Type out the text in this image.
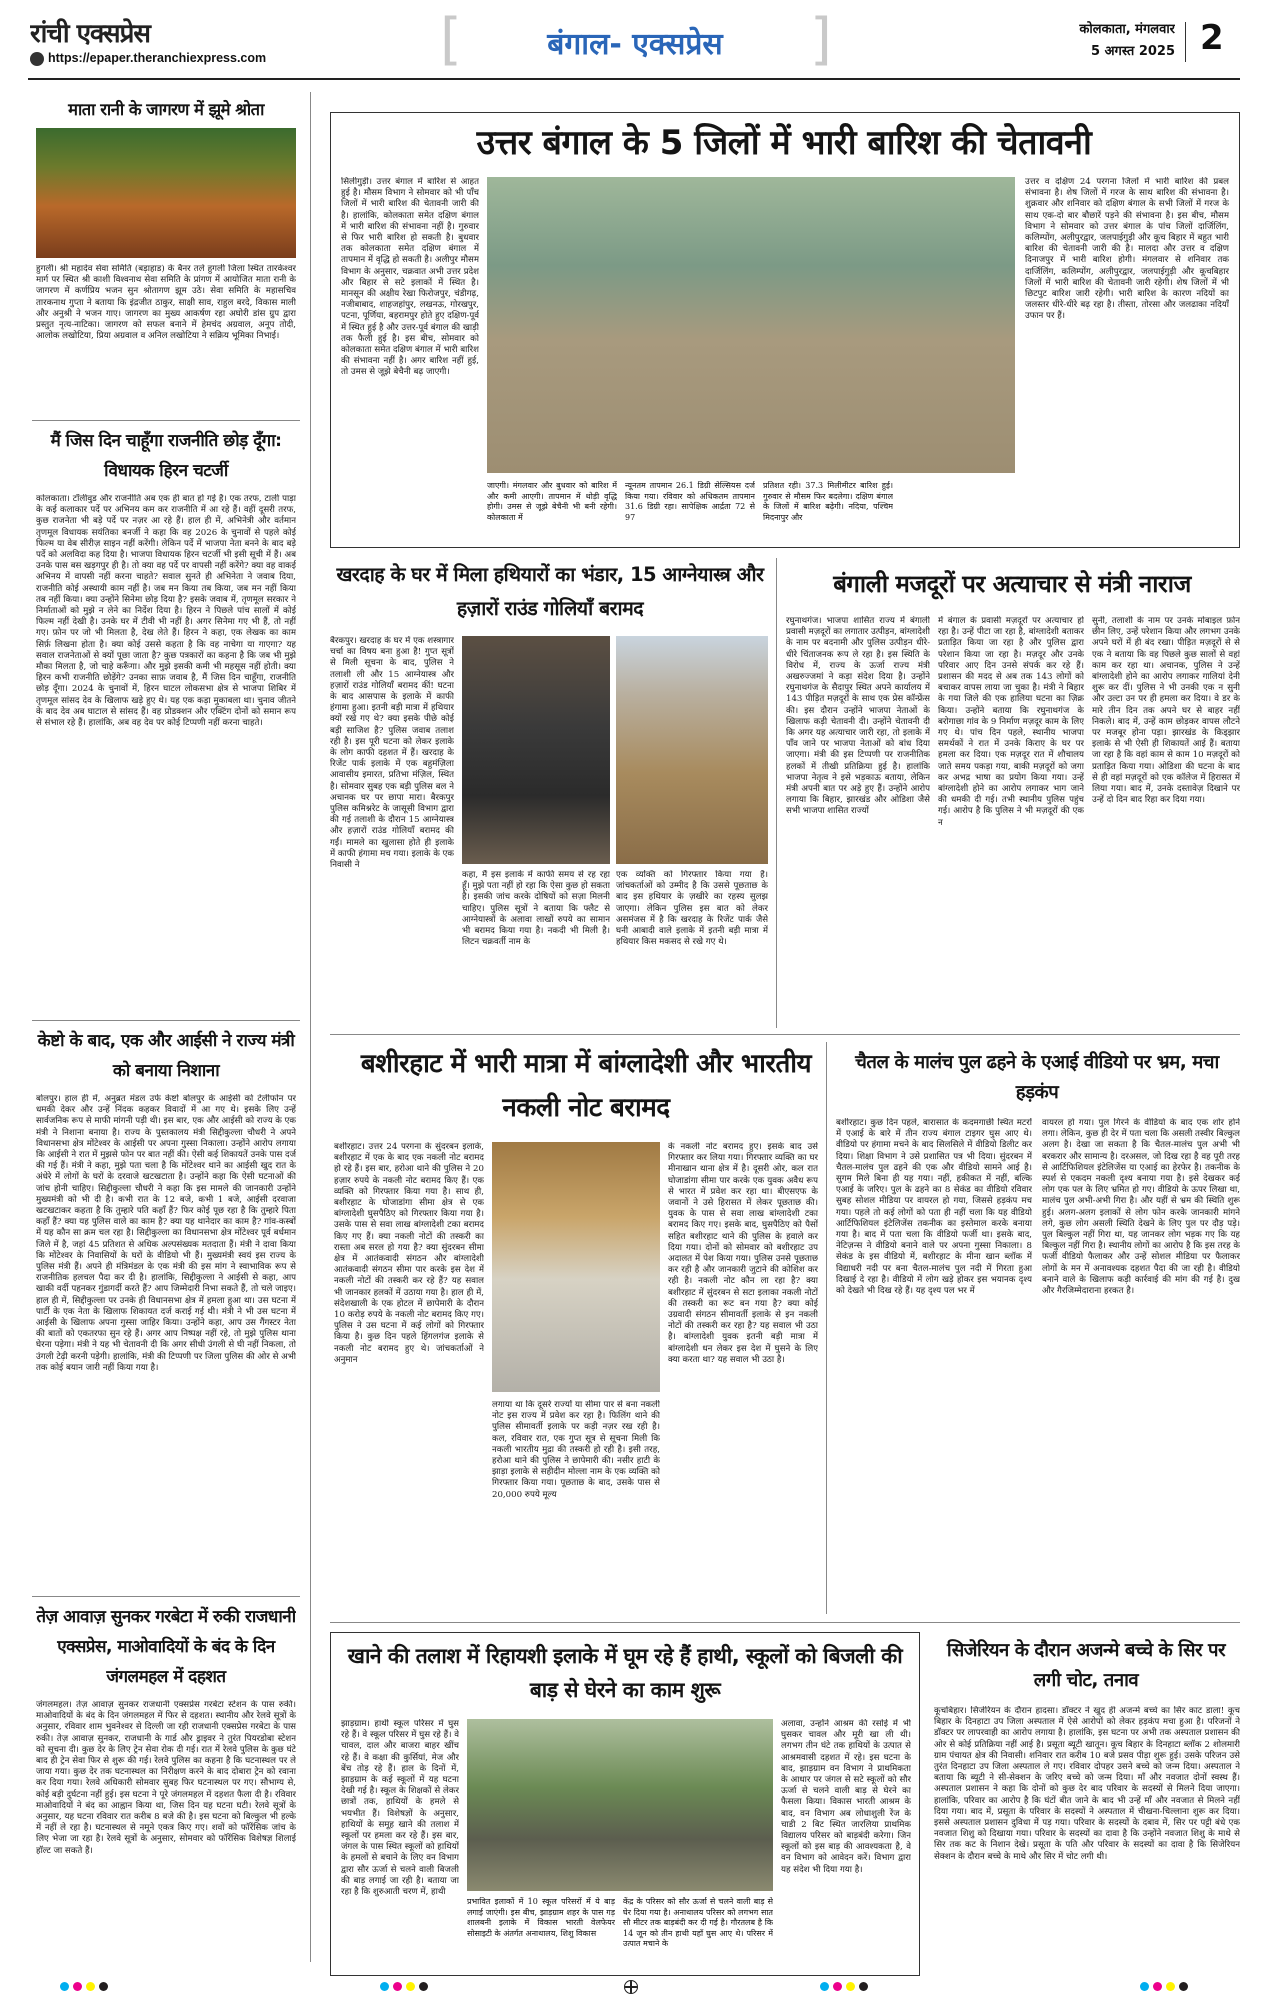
रांची एक्सप्रेस
https://epaper.theranchiexpress.com	[	बंगाल- एक्सप्रेस	]	कोलकाता, मंगलवार
5 अगस्त 2025 2
माता रानी के जागरण में झूमे श्रोता
हुगली। श्री महादेव सेवा समिति (बड़ाहाड) के बैनर तले हुगली जिला स्थित तारकेश्वर मार्ग पर स्थित श्री काशी विश्वनाथ सेवा समिति के प्रांगण में आयोजित माता रानी के जागरण में कर्णप्रिय भजन सुन श्रोतागण झूम उठे। सेवा समिति के महासचिव तारकनाथ गुप्ता ने बताया कि इंद्रजीत ठाकुर, साक्षी साव, राहुल बरदे, विकास माली और अनुश्री ने भजन गाए। जागरण का मुख्य आकर्षण रहा अघोरी डांस ग्रुप द्वारा प्रस्तुत नृत्य-नाटिका। जागरण को सफल बनाने में हेमचंद अग्रवाल, अनूप तोदी, आलोक लखोटिया, प्रिया अग्रवाल व अनिल लखोटिया ने सक्रिय भूमिका निभाई।
मैं जिस दिन चाहूँगा राजनीति छोड़ दूँगा: विधायक हिरन चटर्जी
कोलकाता। टॉलीवुड और राजनीति अब एक ही बात हो गई है। एक तरफ, टाली पाड़ा के कई कलाकार पर्दे पर अभिनय कम कर राजनीति में आ रहे हैं। वहीं दूसरी तरफ, कुछ राजनेता भी बड़े पर्दे पर नज़र आ रहे हैं। हाल ही में, अभिनेत्री और वर्तमान तृणमूल विधायक सयंतिका बनर्जी ने कहा कि वह 2026 के चुनावों से पहले कोई फिल्म या वेब सीरीज़ साइन नहीं करेंगी। लेकिन पर्दे में भाजपा नेता बनने के बाद बड़े पर्दे को अलविदा कह दिया है। भाजपा विधायक हिरन चटर्जी भी इसी सूची में हैं। अब उनके पास बस खड़गपुर ही है। तो क्या वह पर्दे पर वापसी नहीं करेंगे? क्या वह वाकई अभिनय में वापसी नहीं करना चाहते? सवाल सुनते ही अभिनेता ने जवाब दिया, राजनीति कोई अस्थायी काम नहीं है। जब मन किया तब किया, जब मन नहीं किया तब नहीं किया। क्या उन्होंने सिनेमा छोड़ दिया है? इसके जवाब में, तृणमूल सरकार ने निर्माताओं को मुझे न लेने का निर्देश दिया है। हिरन ने पिछले पांच सालों में कोई फिल्म नहीं देखी है। उनके घर में टीवी भी नहीं है। अगर सिनेमा गए भी हैं, तो नहीं गए। फ़ोन पर जो भी मिलता है, देख लेते हैं। हिरन ने कहा, एक लेखक का काम सिर्फ़ लिखना होता है। क्या कोई उससे कहता है कि वह नाचेगा या गाएगा? यह सवाल राजनेताओं से क्यों पूछा जाता है? कुछ पत्रकारों का कहना है कि जब भी मुझे मौका मिलता है, जो चाहे करूँगा। और मुझे इसकी कमी भी महसूस नहीं होती। क्या हिरन कभी राजनीति छोड़ेंगे? उनका साफ़ जवाब है, मैं जिस दिन चाहूँगा, राजनीति छोड़ दूँगा। 2024 के चुनावों में, हिरन घाटल लोकसभा क्षेत्र से भाजपा शिबिर में तृणमूल सांसद देव के खिलाफ खड़े हुए थे। यह एक कड़ा मुकाबला था। चुनाव जीतने के बाद देव अब घाटाल से सांसद हैं। वह प्रोडक्शन और एक्टिंग दोनों को समान रूप से संभाल रहे हैं। हालांकि, अब वह देव पर कोई टिप्पणी नहीं करना चाहते।
केष्टो के बाद, एक और आईसी ने राज्य मंत्री को बनाया निशाना
बोलपुर। हाल ही में, अनुब्रत मंडल उर्फ केष्टो बोलपुर के आईसी को टेलीफोन पर धमकी देकर और उन्हें निंदक कहकर विवादों में आ गए थे। इसके लिए उन्हें सार्वजनिक रूप से माफी मांगनी पड़ी थी। इस बार, एक और आईसी को राज्य के एक मंत्री ने निशाना बनाया है। राज्य के पुस्तकालय मंत्री सिद्दीकुल्ला चौधरी ने अपने विधानसभा क्षेत्र मोंटेश्वर के आईसी पर अपना गुस्सा निकाला। उन्होंने आरोप लगाया कि आईसी ने रात में मुझसे फोन पर बात नहीं की। ऐसी कई शिकायतें उनके पास दर्ज की गई हैं। मंत्री ने कहा, मुझे पता चला है कि मोंटेश्वर थाने का आईसी खुद रात के अंधेरे में लोगों के घरों के दरवाजे खटखटाता है। उन्होंने कहा कि ऐसी घटनाओं की जांच होनी चाहिए। सिद्दीकुल्ला चौधरी ने कहा कि इस मामले की जानकारी उन्होंने मुख्यमंत्री को भी दी है। कभी रात के 12 बजे, कभी 1 बजे, आईसी दरवाजा खटखटाकर कहता है कि तुम्हारे पति कहाँ हैं? फिर कोई पूछ रहा है कि तुम्हारे पिता कहाँ हैं? क्या यह पुलिस वाले का काम है? क्या यह थानेदार का काम है? गांव-कस्बों में यह कौन सा क्रम चल रहा है। सिद्दीकुल्ला का विधानसभा क्षेत्र मोंटेश्वर पूर्व बर्धमान जिले में है, जहां 45 प्रतिशत से अधिक अल्पसंख्यक मतदाता हैं। मंत्री ने दावा किया कि मोंटेश्वर के निवासियों के घरों के वीडियो भी हैं। मुख्यमंत्री स्वयं इस राज्य के पुलिस मंत्री हैं। अपने ही मंत्रिमंडल के एक मंत्री की इस मांग ने स्वाभाविक रूप से राजनीतिक हलचल पैदा कर दी है। हालांकि, सिद्दीकुल्ला ने आईसी से कहा, आप खाकी वर्दी पहनकर गुंडागर्दी करते हैं? आप जिम्मेदारी निभा सकते हैं, तो चले जाइए। हाल ही में, सिद्दीकुल्ला पर उनके ही विधानसभा क्षेत्र में हमला हुआ था। उस घटना में पार्टी के एक नेता के खिलाफ शिकायत दर्ज कराई गई थी। मंत्री ने भी उस घटना में आईसी के खिलाफ अपना गुस्सा जाहिर किया। उन्होंने कहा, आप उस गैंगस्टर नेता की बातों को एकतरफा सुन रहे हैं। अगर आप निष्पक्ष नहीं रहे, तो मुझे पुलिस थाना घेरना पड़ेगा। मंत्री ने यह भी चेतावनी दी कि अगर सीधी उंगली से घी नहीं निकला, तो उंगली टेढ़ी करनी पड़ेगी। हालांकि, मंत्री की टिप्पणी पर जिला पुलिस की ओर से अभी तक कोई बयान जारी नहीं किया गया है।
तेज़ आवाज़ सुनकर गरबेटा में रुकी राजधानी एक्सप्रेस, माओवादियों के बंद के दिन जंगलमहल में दहशत
जंगलमहल। तेज़ आवाज़ सुनकर राजधानी एक्सप्रेस गरबेटा स्टेशन के पास रुकी। माओवादियों के बंद के दिन जंगलमहल में फिर से दहशत। स्थानीय और रेलवे सूत्रों के अनुसार, रविवार शाम भुवनेश्वर से दिल्ली जा रही राजधानी एक्सप्रेस गरबेटा के पास रुकी। तेज़ आवाज़ सुनकर, राजधानी के गार्ड और ड्राइवर ने तुरंत पियरडोबा स्टेशन को सूचना दी। कुछ देर के लिए ट्रेन सेवा रोक दी गई। रात में रेलवे पुलिस के कुछ घंटे बाद ही ट्रेन सेवा फिर से शुरू की गई। रेलवे पुलिस का कहना है कि घटनास्थल पर ले जाया गया। कुछ देर तक घटनास्थल का निरीक्षण करने के बाद दोबारा ट्रेन को रवाना कर दिया गया। रेलवे अधिकारी सोमवार सुबह फिर घटनास्थल पर गए। सौभाग्य से, कोई बड़ी दुर्घटना नहीं हुई। इस घटना ने पूरे जंगलमहल में दहशत फैला दी है। रविवार माओवादियों ने बंद का आह्वान किया था, जिस दिन यह घटना घटी। रेलवे सूत्रों के अनुसार, यह घटना रविवार रात करीब 8 बजे की है। इस घटना को बिल्कुल भी हल्के में नहीं ले रहा है। घटनास्थल से नमूने एकत्र किए गए। शवों को फॉरेंसिक जांच के लिए भेजा जा रहा है। रेलवे सूत्रों के अनुसार, सोमवार को फॉरेंसिक विशेषज्ञ शिलाई हॉल्ट जा सकते हैं।
उत्तर बंगाल के 5 जिलों में भारी बारिश की चेतावनी
सिलीगुड़ी। उत्तर बंगाल में बारिश से आहत हुई है। मौसम विभाग ने सोमवार को भी पाँच जिलों में भारी बारिश की चेतावनी जारी की है। हालांकि, कोलकाता समेत दक्षिण बंगाल में भारी बारिश की संभावना नहीं है। गुरुवार से फिर भारी बारिश हो सकती है। बुधवार तक कोलकाता समेत दक्षिण बंगाल में तापमान में वृद्धि हो सकती है। अलीपुर मौसम विभाग के अनुसार, चक्रवात अभी उत्तर प्रदेश और बिहार से सटे इलाकों में स्थित है। मानसून की अक्षीय रेखा फिरोजपुर, चंडीगढ़, नजीबाबाद, शाहजहांपुर, लखनऊ, गोरखपुर, पटना, पूर्णिया, बहरामपुर होते हुए दक्षिण-पूर्व में स्थित हुई है और उत्तर-पूर्व बंगाल की खाड़ी तक फैली हुई है। इस बीच, सोमवार को कोलकाता समेत दक्षिण बंगाल में भारी बारिश की संभावना नहीं है। अगर बारिश नहीं हुई, तो उमस से जूझे बेचैनी बढ़ जाएगी।
जाएगी। मंगलवार और बुधवार को बारिश में और कमी आएगी। तापमान में थोड़ी वृद्धि होगी। उमस से जूझे बेचैनी भी बनी रहेगी। कोलकाता में
न्यूनतम तापमान 26.1 डिग्री सेल्सियस दर्ज किया गया। रविवार को अधिकतम तापमान 31.6 डिग्री रहा। सापेक्षिक आर्द्रता 72 से 97
प्रतिशत रही। 37.3 मिलीमीटर बारिश हुई। गुरुवार से मौसम फिर बदलेगा। दक्षिण बंगाल के जिलों में बारिश बढ़ेगी। नदिया, पश्चिम मिदनापुर और
उत्तर व दक्षिण 24 परगना जिलों में भारी बारिश की प्रबल संभावना है। शेष जिलों में गरज के साथ बारिश की संभावना है। शुक्रवार और शनिवार को दक्षिण बंगाल के सभी जिलों में गरज के साथ एक-दो बार बौछारें पड़ने की संभावना है। इस बीच, मौसम विभाग ने सोमवार को उत्तर बंगाल के पांच जिलों दार्जिलिंग, कलिम्पोंग, अलीपुरद्वार, जलपाईगुड़ी और कूच बिहार में बहुत भारी बारिश की चेतावनी जारी की है। मालदा और उत्तर व दक्षिण दिनाजपुर में भारी बारिश होगी। मंगलवार से शनिवार तक दार्जिलिंग, कलिम्पोंग, अलीपुरद्वार, जलपाईगुड़ी और कूचबिहार जिलों में भारी बारिश की चेतावनी जारी रहेगी। शेष जिलों में भी छिटपुट बारिश जारी रहेगी। भारी बारिश के कारण नदियों का जलस्तर धीरे-धीरे बढ़ रहा है। तीस्ता, तोरसा और जलढाका नदियाँ उफान पर हैं।
खरदाह के घर में मिला हथियारों का भंडार, 15 आग्नेयास्त्र और हज़ारों राउंड गोलियाँ बरामद
बैरकपुर। खरदाह के घर में एक शस्त्रागार चर्चा का विषय बना हुआ है! गुप्त सूत्रों से मिली सूचना के बाद, पुलिस ने तलाशी ली और 15 आग्नेयास्त्र और हज़ारों राउंड गोलियाँ बरामद कीं! घटना के बाद आसपास के इलाके में काफी हंगामा हुआ। इतनी बड़ी मात्रा में हथियार क्यों रखे गए थे? क्या इसके पीछे कोई बड़ी साजिश है? पुलिस जवाब तलाश रही है। इस पूरी घटना को लेकर इलाके के लोग काफी दहशत में हैं। खरदाह के रिजेंट पार्क इलाके में एक बहुमंज़िला आवासीय इमारत, प्रतिभा मंज़िल, स्थित है। सोमवार सुबह एक बड़ी पुलिस बल ने अचानक घर पर छापा मारा। बैरकपुर पुलिस कमिश्नरेट के जासूसी विभाग द्वारा की गई तलाशी के दौरान 15 आग्नेयास्त्र और हज़ारों राउंड गोलियाँ बरामद की गईं। मामले का खुलासा होते ही इलाके में काफी हंगामा मच गया। इलाके के एक निवासी ने
कहा, मैं इस इलाके में काफी समय से रह रहा हूँ। मुझे पता नहीं हो रहा कि ऐसा कुछ हो सकता है। इसकी जांच करके दोषियों को सज़ा मिलनी चाहिए। पुलिस सूत्रों ने बताया कि फ्लैट से आग्नेयास्त्रों के अलावा लाखों रुपये का सामान भी बरामद किया गया है। नकदी भी मिली है। लिटन चक्रवर्ती नाम के
एक व्यक्ति को गिरफ्तार किया गया है। जांचकर्ताओं को उम्मीद है कि उससे पूछताछ के बाद इस हथियार के ज़खीरे का रहस्य सुलझ जाएगा। लेकिन पुलिस इस बात को लेकर असमंजस में है कि खरदाह के रिजेंट पार्क जैसे घनी आबादी वाले इलाके में इतनी बड़ी मात्रा में हथियार किस मकसद से रखे गए थे।
बंगाली मजदूरों पर अत्याचार से मंत्री नाराज
रघुनाथगंज। भाजपा शासित राज्य में बंगाली प्रवासी मज़दूरों का लगातार उत्पीड़न, बांग्लादेशी के नाम पर बदनामी और पुलिस उत्पीड़न धीरे-धीरे चिंताजनक रूप ले रहा है। इस स्थिति के विरोध में, राज्य के ऊर्जा राज्य मंत्री अखरुज्जमां ने कड़ा संदेश दिया है। उन्होंने रघुनाथगंज के सैदापुर स्थित अपने कार्यालय में 143 पीड़ित मज़दूरों के साथ एक प्रेस कॉन्फ्रेंस की। इस दौरान उन्होंने भाजपा नेताओं के खिलाफ कड़ी चेतावनी दी। उन्होंने चेतावनी दी कि अगर यह अत्याचार जारी रहा, तो इलाके में पाँव जाने पर भाजपा नेताओं को बांध दिया जाएगा। मंत्री की इस टिप्पणी पर राजनीतिक हलकों में तीखी प्रतिक्रिया हुई है। हालांकि भाजपा नेतृत्व ने इसे भड़काऊ बताया, लेकिन मंत्री अपनी बात पर अड़े हुए हैं। उन्होंने आरोप लगाया कि बिहार, झारखंड और ओडिशा जैसे सभी भाजपा शासित राज्यों
में बंगाल के प्रवासी मज़दूरों पर अत्याचार हो रहा है। उन्हें पीटा जा रहा है, बांग्लादेशी बताकर प्रताड़ित किया जा रहा है और पुलिस द्वारा परेशान किया जा रहा है। मज़दूर और उनके परिवार आए दिन उनसे संपर्क कर रहे हैं। प्रशासन की मदद से अब तक 143 लोगों को बचाकर वापस लाया जा चुका है। मंत्री ने बिहार के गया जिले की एक हालिया घटना का ज़िक्र किया। उन्होंने बताया कि रघुनाथगंज के बरोगाछा गांव के 9 निर्माण मज़दूर काम के लिए गए थे। पांच दिन पहले, स्थानीय भाजपा समर्थकों ने रात में उनके किराए के घर पर हमला कर दिया। एक मज़दूर रात में शौचालय जाते समय पकड़ा गया, बाकी मज़दूरों को जगा कर अभद्र भाषा का प्रयोग किया गया। उन्हें बांग्लादेशी होने का आरोप लगाकर भाग जाने की धमकी दी गई। तभी स्थानीय पुलिस पहुंच गई। आरोप है कि पुलिस ने भी मज़दूरों की एक न
सुनी, तलाशी के नाम पर उनके मोबाइल फ़ोन छीन लिए, उन्हें परेशान किया और लगभग उनके अपने घरों में ही बंद रखा। पीड़ित मज़दूरों से से एक ने बताया कि वह पिछले कुछ सालों से वहां काम कर रहा था। अचानक, पुलिस ने उन्हें बांग्लादेशी होने का आरोप लगाकर गालियां देनी शुरू कर दीं। पुलिस ने भी उनकी एक न सुनी और उल्टा उन पर ही हमला कर दिया। वे डर के मारे तीन दिन तक अपने घर से बाहर नहीं निकले। बाद में, उन्हें काम छोड़कर वापस लौटने पर मजबूर होना पड़ा। झारखंड के किड्झार इलाके से भी ऐसी ही शिकायतें आई हैं। बताया जा रहा है कि वहां काम से काम 10 मज़दूरों को प्रताड़ित किया गया। ओडिशा की घटना के बाद से ही वहां मज़दूरों को एक कॉलेज में हिरासत में लिया गया। बाद में, उनके दस्तावेज़ दिखाने पर उन्हें दो दिन बाद रिहा कर दिया गया।
बशीरहाट में भारी मात्रा में बांग्लादेशी और भारतीय नकली नोट बरामद
बशीरहाट। उत्तर 24 परगना के सुंदरबन इलाके, बशीरहाट में एक के बाद एक नकली नोट बरामद हो रहे हैं। इस बार, हरोआ थाने की पुलिस ने 20 हज़ार रुपये के नकली नोट बरामद किए हैं। एक व्यक्ति को गिरफ्तार किया गया है। साथ ही, बशीरहाट के घोजाडांगा सीमा क्षेत्र से एक बांग्लादेशी घुसपैठिए को गिरफ्तार किया गया है। उसके पास से सवा लाख बांग्लादेशी टका बरामद किए गए हैं। क्या नकली नोटों की तस्करी का रास्ता अब सरल हो गया है? क्या सुंदरबन सीमा क्षेत्र में आतंकवादी संगठन और बांग्लादेशी आतंकवादी संगठन सीमा पार करके इस देश में नकली नोटों की तस्करी कर रहे हैं? यह सवाल भी जानकार हलकों में उठाया गया है। हाल ही में, संदेशखाली के एक होटल में छापेमारी के दौरान 10 करोड़ रुपये के नकली नोट बरामद किए गए। पुलिस ने उस घटना में कई लोगों को गिरफ्तार किया है। कुछ दिन पहले हिंगलगंज इलाके से नकली नोट बरामद हुए थे। जांचकर्ताओं ने अनुमान
लगाया था कि दूसरे राज्यों या सीमा पार से बना नकली नोट इस राज्य में प्रवेश कर रहा है। फिलिंग थाने की पुलिस सीमावर्ती इलाके पर कड़ी नज़र रख रही है। कल, रविवार रात, एक गुप्त सूत्र से सूचना मिली कि नकली भारतीय मुद्रा की तस्करी हो रही है। इसी तरह, हरोआ थाने की पुलिस ने छापेमारी की। नसीर हाटी के झाड़ा इलाके से सहीदीन मोल्ला नाम के एक व्यक्ति को गिरफ्तार किया गया। पूछताछ के बाद, उसके पास से 20,000 रुपये मूल्य
के नकली नोट बरामद हुए। इसके बाद उसे गिरफ्तार कर लिया गया। गिरफ्तार व्यक्ति का घर मीनाखान थाना क्षेत्र में है। दूसरी ओर, कल रात घोजाडांगा सीमा पार करके एक युवक अवैध रूप से भारत में प्रवेश कर रहा था। बीएसएफ के जवानों ने उसे हिरासत में लेकर पूछताछ की। युवक के पास से सवा लाख बांग्लादेशी टका बरामद किए गए। इसके बाद, घुसपैठिए को पैसों सहित बशीरहाट थाने की पुलिस के हवाले कर दिया गया। दोनों को सोमवार को बशीरहाट उप अदालत में पेश किया गया। पुलिस उनसे पूछताछ कर रही है और जानकारी जुटाने की कोशिश कर रही है। नकली नोट कौन ला रहा है? क्या बशीरहाट में सुंदरबन से सटा इलाका नकली नोटों की तस्करी का रूट बन गया है? क्या कोई उग्रवादी संगठन सीमावर्ती इलाके से इन नकली नोटों की तस्करी कर रहा है? यह सवाल भी उठा है। बांग्लादेशी युवक इतनी बड़ी मात्रा में बांग्लादेशी धन लेकर इस देश में घुसने के लिए क्या करता था? यह सवाल भी उठा है।
चैतल के मालंच पुल ढहने के एआई वीडियो पर भ्रम, मचा हड़कंप
बशीरहाट। कुछ दिन पहले, बारासात के कदमगाछी स्थित मटरों में एआई के बारे में तीन राज्य बंगाल टाइगर घुस आए थे। वीडियो पर हंगामा मचने के बाद सिलसिले में वीडियो डिलीट कर दिया। शिक्षा विभाग ने उसे प्रशासित पत्र भी दिया। सुंदरबन में चैतल-मालंच पुल ढहने की एक और वीडियो सामने आई है। सुगम मिले बिना ही यह गया। नहीं, हकीकत में नहीं, बल्कि एआई के जरिए। पुल के ढहने का 8 सेकंड का वीडियो रविवार सुबह सोशल मीडिया पर वायरल हो गया, जिससे हड़कंप मच गया। पहले तो कई लोगों को पता ही नहीं चला कि यह वीडियो आर्टिफिशियल इंटेलिजेंस तकनीक का इस्तेमाल करके बनाया गया है। बाद में पता चला कि वीडियो फर्जी था। इसके बाद, नेटिज़न्स ने वीडियो बनाने वाले पर अपना गुस्सा निकाला। 8 सेकंड के इस वीडियो में, बशीरहाट के मीना खान ब्लॉक में विद्याधरी नदी पर बना चैतल-मालंच पुल नदी में गिरता हुआ दिखाई दे रहा है। वीडियो में लोग खड़े होकर इस भयानक दृश्य को देखते भी दिख रहे हैं। यह दृश्य पल भर में
वायरल हो गया। पुल गिरने के वीडियो के बाद एक शोर होने लगा। लेकिन, कुछ ही देर में पता चला कि असली तस्वीर बिल्कुल अलग है। देखा जा सकता है कि चैतल-मालंच पुल अभी भी बरकरार और सामान्य है। दरअसल, जो दिख रहा है वह पूरी तरह से आर्टिफिशियल इंटेलिजेंस या एआई का हेरफेर है। तकनीक के स्पर्श से एकदम नकली दृश्य बनाया गया है। इसे देखकर कई लोग एक पल के लिए भ्रमित हो गए। वीडियो के ऊपर लिखा था, मालंच पुल अभी-अभी गिरा है। और यहीं से भ्रम की स्थिति शुरू हुई। अलग-अलग इलाकों से लोग फोन करके जानकारी मांगने लगे, कुछ लोग असली स्थिति देखने के लिए पुल पर दौड़ पड़े। पुल बिल्कुल नहीं गिरा था, यह जानकर लोग भड़क गए कि यह बिल्कुल नहीं गिरा है। स्थानीय लोगों का आरोप है कि इस तरह के फर्जी वीडियो फैलाकर और उन्हें सोशल मीडिया पर फैलाकर लोगों के मन में अनावश्यक दहशत पैदा की जा रही है। वीडियो बनाने वाले के खिलाफ कड़ी कार्रवाई की मांग की गई है। दुख और गैरजिम्मेदाराना हरकत है।
खाने की तलाश में रिहायशी इलाके में घूम रहे हैं हाथी, स्कूलों को बिजली की बाड़ से घेरने का काम शुरू
झाड़ग्राम। हाथी स्कूल परिसर में घुस रहे हैं। वे स्कूल परिसर में घुस रहे हैं। वे चावल, दाल और बाजरा बाहर खींच रहे हैं। वे कक्षा की कुर्सियां, मेज और बेंच तोड़ रहे हैं। हाल के दिनों में, झाड़ग्राम के कई स्कूलों में यह घटना देखी गई है। स्कूल के शिक्षकों से लेकर छात्रों तक, हाथियों के हमले से भयभीत हैं। विशेषज्ञों के अनुसार, हाथियों के समूह खाने की तलाश में स्कूलों पर हमला कर रहे हैं। इस बार, जंगल के पास स्थित स्कूलों को हाथियों के हमलों से बचाने के लिए वन विभाग द्वारा सौर ऊर्जा से चलने वाली बिजली की बाड़ लगाई जा रही है। बताया जा रहा है कि शुरुआती चरण में, हाथी
प्रभावित इलाकों में 10 स्कूल परिसरों में ये बाड़ लगाई जाएंगी। इस बीच, झाड़ग्राम शहर के पास गड़ शालबनी इलाके में विकास भारती वेलफेयर सोसाइटी के अंतर्गत अनाथालय, शिशु विकास
केंद्र के परिसर को सौर ऊर्जा से चलने वाली बाड़ से घेर दिया गया है। अनाथालय परिसर को लगभग सात सौ मीटर तक बाड़बंदी कर दी गई है। गौरतलब है कि 14 जून को तीन हाथी यहाँ घुस आए थे। परिसर में उत्पात मचाने के
अलावा, उन्होंने आश्रम की रसोई में भी घुसकर चावल और मूरी खा ली थी। लगभग तीन घंटे तक हाथियों के उत्पात से आश्रमवासी दहशत में रहे। इस घटना के बाद, झाड़ग्राम वन विभाग ने प्राथमिकता के आधार पर जंगल से सटे स्कूलों को सौर ऊर्जा से चलने वाली बाड़ से घेरने का फैसला किया। विकास भारती आश्रम के बाद, वन विभाग अब लोधाशुली रेंज के चाडी 2 बिट स्थित जारलिया प्राथमिक विद्यालय परिसर को बाड़बंदी करेगा। जिन स्कूलों को इस बाड़ की आवश्यकता है, वे वन विभाग को आवेदन करें। विभाग द्वारा यह संदेश भी दिया गया है।
सिजेरियन के दौरान अजन्मे बच्चे के सिर पर लगी चोट, तनाव
कूचबिहार। सिजेरियन के दौरान हादसा। डॉक्टर ने खुद ही अजन्मे बच्चे का सिर काट डाला! कूच बिहार के दिनहाटा उप जिला अस्पताल में ऐसे आरोपों को लेकर हड़कंप मचा हुआ है। परिजनों ने डॉक्टर पर लापरवाही का आरोप लगाया है। हालांकि, इस घटना पर अभी तक अस्पताल प्रशासन की ओर से कोई प्रतिक्रिया नहीं आई है। प्रसूता ब्यूटी खातून। कूच बिहार के दिनहाटा ब्लॉक 2 शोलमारी ग्राम पंचायत क्षेत्र की निवासी। शनिवार रात करीब 10 बजे प्रसव पीड़ा शुरू हुई। उसके परिजन उसे तुरंत दिनहाटा उप जिला अस्पताल ले गए। रविवार दोपहर उसने बच्चे को जन्म दिया। अस्पताल ने बताया कि ब्यूटी ने सी-सेक्शन के जरिए बच्चे को जन्म दिया। माँ और नवजात दोनों स्वस्थ हैं। अस्पताल प्रशासन ने कहा कि दोनों को कुछ देर बाद परिवार के सदस्यों से मिलने दिया जाएगा। हालांकि, परिवार का आरोप है कि घंटों बीत जाने के बाद भी उन्हें माँ और नवजात से मिलने नहीं दिया गया। बाद में, प्रसूता के परिवार के सदस्यों ने अस्पताल में चीखना-चिल्लाना शुरू कर दिया। इससे अस्पताल प्रशासन दुविधा में पड़ गया। परिवार के सदस्यों के दबाव में, सिर पर पट्टी बंधे एक नवजात शिशु को दिखाया गया। परिवार के सदस्यों का दावा है कि उन्होंने नवजात शिशु के माथे से सिर तक कट के निशान देखे। प्रसूता के पति और परिवार के सदस्यों का दावा है कि सिजेरियन सेक्शन के दौरान बच्चे के माथे और सिर में चोट लगी थी।
